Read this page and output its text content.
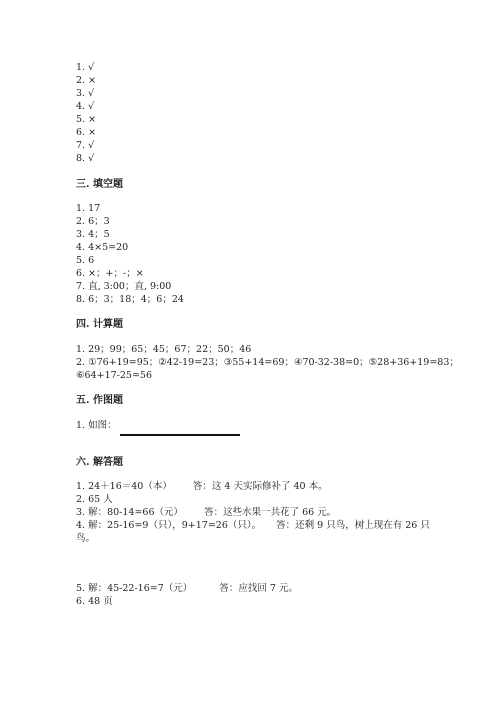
1. √
2. ×
3. √
4. √
5. ×
6. ×
7. √
8. √
三. 填空题
1. 17
2. 6；3
3. 4；5
4. 4×5=20
5. 6
6. ×；+；-；×
7. 直, 3:00；直, 9:00
8. 6；3；18；4；6；24
四. 计算题
1. 29；99；65；45；67；22；50；46
2. ①76+19=95；②42-19=23；③55+14=69；④70-32-38=0；⑤28+36+19=83；
⑥64+17-25=56
五. 作图题
1. 如图：
六. 解答题
1. 24＋16＝40（本） 答：这 4 天实际修补了 40 本。
2. 65 人
3. 解：80-14=66（元） 答：这些水果一共花了 66 元。
4. 解：25-16=9（只），9+17=26（只）。 答：还剩 9 只鸟，树上现在有 26 只
鸟。
5. 解：45-22-16=7（元）	答：应找回 7 元。
6. 48 页
